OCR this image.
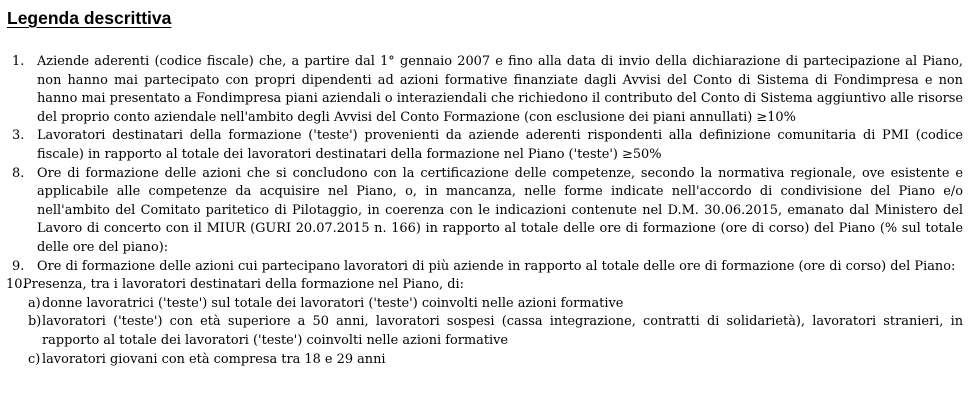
Legenda descrittiva
1. Aziende aderenti (codice fiscale) che, a partire dal 1° gennaio 2007 e fino alla data di invio della dichiarazione di partecipazione al Piano, non hanno mai partecipato con propri dipendenti ad azioni formative finanziate dagli Avvisi del Conto di Sistema di Fondimpresa e non hanno mai presentato a Fondimpresa piani aziendali o interaziendali che richiedono il contributo del Conto di Sistema aggiuntivo alle risorse del proprio conto aziendale nell'ambito degli Avvisi del Conto Formazione (con esclusione dei piani annullati) ≥10%
3. Lavoratori destinatari della formazione ('teste') provenienti da aziende aderenti rispondenti alla definizione comunitaria di PMI (codice fiscale) in rapporto al totale dei lavoratori destinatari della formazione nel Piano ('teste') ≥50%
8. Ore di formazione delle azioni che si concludono con la certificazione delle competenze, secondo la normativa regionale, ove esistente e applicabile alle competenze da acquisire nel Piano, o, in mancanza, nelle forme indicate nell'accordo di condivisione del Piano e/o nell'ambito del Comitato paritetico di Pilotaggio, in coerenza con le indicazioni contenute nel D.M. 30.06.2015, emanato dal Ministero del Lavoro di concerto con il MIUR (GURI 20.07.2015 n. 166) in rapporto al totale delle ore di formazione (ore di corso) del Piano (% sul totale delle ore del piano):
9. Ore di formazione delle azioni cui partecipano lavoratori di più aziende in rapporto al totale delle ore di formazione (ore di corso) del Piano:
10.
Presenza, tra i lavoratori destinatari della formazione nel Piano, di:
a) donne lavoratrici ('teste') sul totale dei lavoratori ('teste') coinvolti nelle azioni formative
b) lavoratori ('teste') con età superiore a 50 anni, lavoratori sospesi (cassa integrazione, contratti di solidarietà), lavoratori stranieri, in rapporto al totale dei lavoratori ('teste') coinvolti nelle azioni formative
c) lavoratori giovani con età compresa tra 18 e 29 anni
